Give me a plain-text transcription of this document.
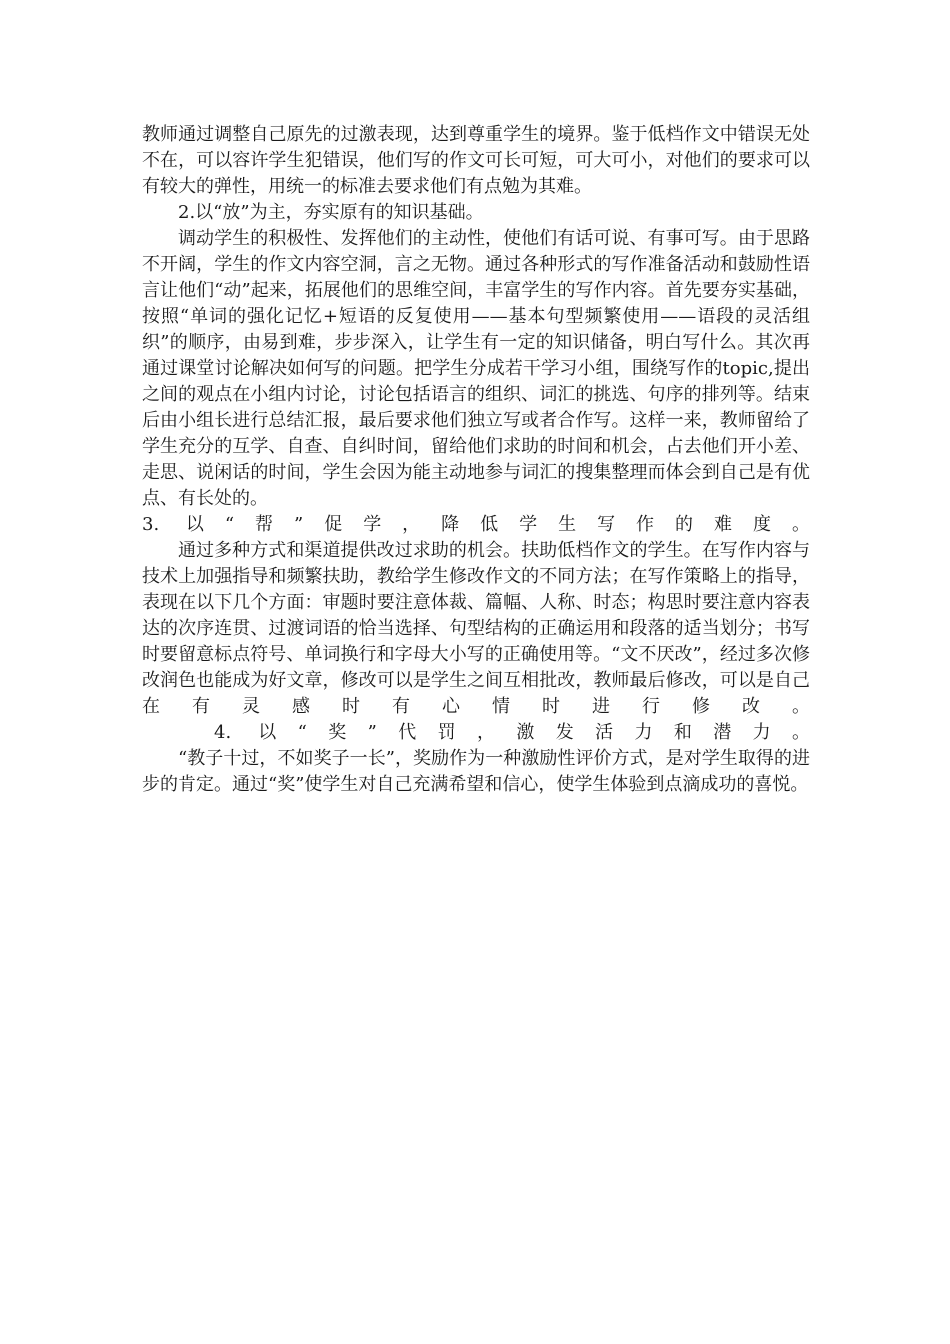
教师通过调整自己原先的过激表现，达到尊重学生的境界。鉴于低档作文中错误无处不在，可以容许学生犯错误，他们写的作文可长可短，可大可小，对他们的要求可以有较大的弹性，用统一的标准去要求他们有点勉为其难。

2.以“放”为主，夯实原有的知识基础。

调动学生的积极性、发挥他们的主动性，使他们有话可说、有事可写。由于思路不开阔，学生的作文内容空洞，言之无物。通过各种形式的写作准备活动和鼓励性语言让他们“动”起来，拓展他们的思维空间，丰富学生的写作内容。首先要夯实基础，按照“单词的强化记忆+短语的反复使用——基本句型频繁使用——语段的灵活组织”的顺序，由易到难，步步深入，让学生有一定的知识储备，明白写什么。其次再通过课堂讨论解决如何写的问题。把学生分成若干学习小组，围绕写作的topic,提出之间的观点在小组内讨论，讨论包括语言的组织、词汇的挑选、句序的排列等。结束后由小组长进行总结汇报，最后要求他们独立写或者合作写。这样一来，教师留给了学生充分的互学、自查、自纠时间，留给他们求助的时间和机会，占去他们开小差、走思、说闲话的时间，学生会因为能主动地参与词汇的搜集整理而体会到自己是有优点、有长处的。

3. 以“帮”促学，降低学生写作的难度。

通过多种方式和渠道提供改过求助的机会。扶助低档作文的学生。在写作内容与技术上加强指导和频繁扶助，教给学生修改作文的不同方法；在写作策略上的指导，表现在以下几个方面：审题时要注意体裁、篇幅、人称、时态；构思时要注意内容表达的次序连贯、过渡词语的恰当选择、句型结构的正确运用和段落的适当划分；书写时要留意标点符号、单词换行和字母大小写的正确使用等。“文不厌改”，经过多次修改润色也能成为好文章，修改可以是学生之间互相批改，教师最后修改，可以是自己在有灵感时有心情时进行修改。

4. 以“奖”代罚，激发活力和潜力。

“教子十过，不如奖子一长”，奖励作为一种激励性评价方式，是对学生取得的进步的肯定。通过“奖”使学生对自己充满希望和信心，使学生体验到点滴成功的喜悦。
